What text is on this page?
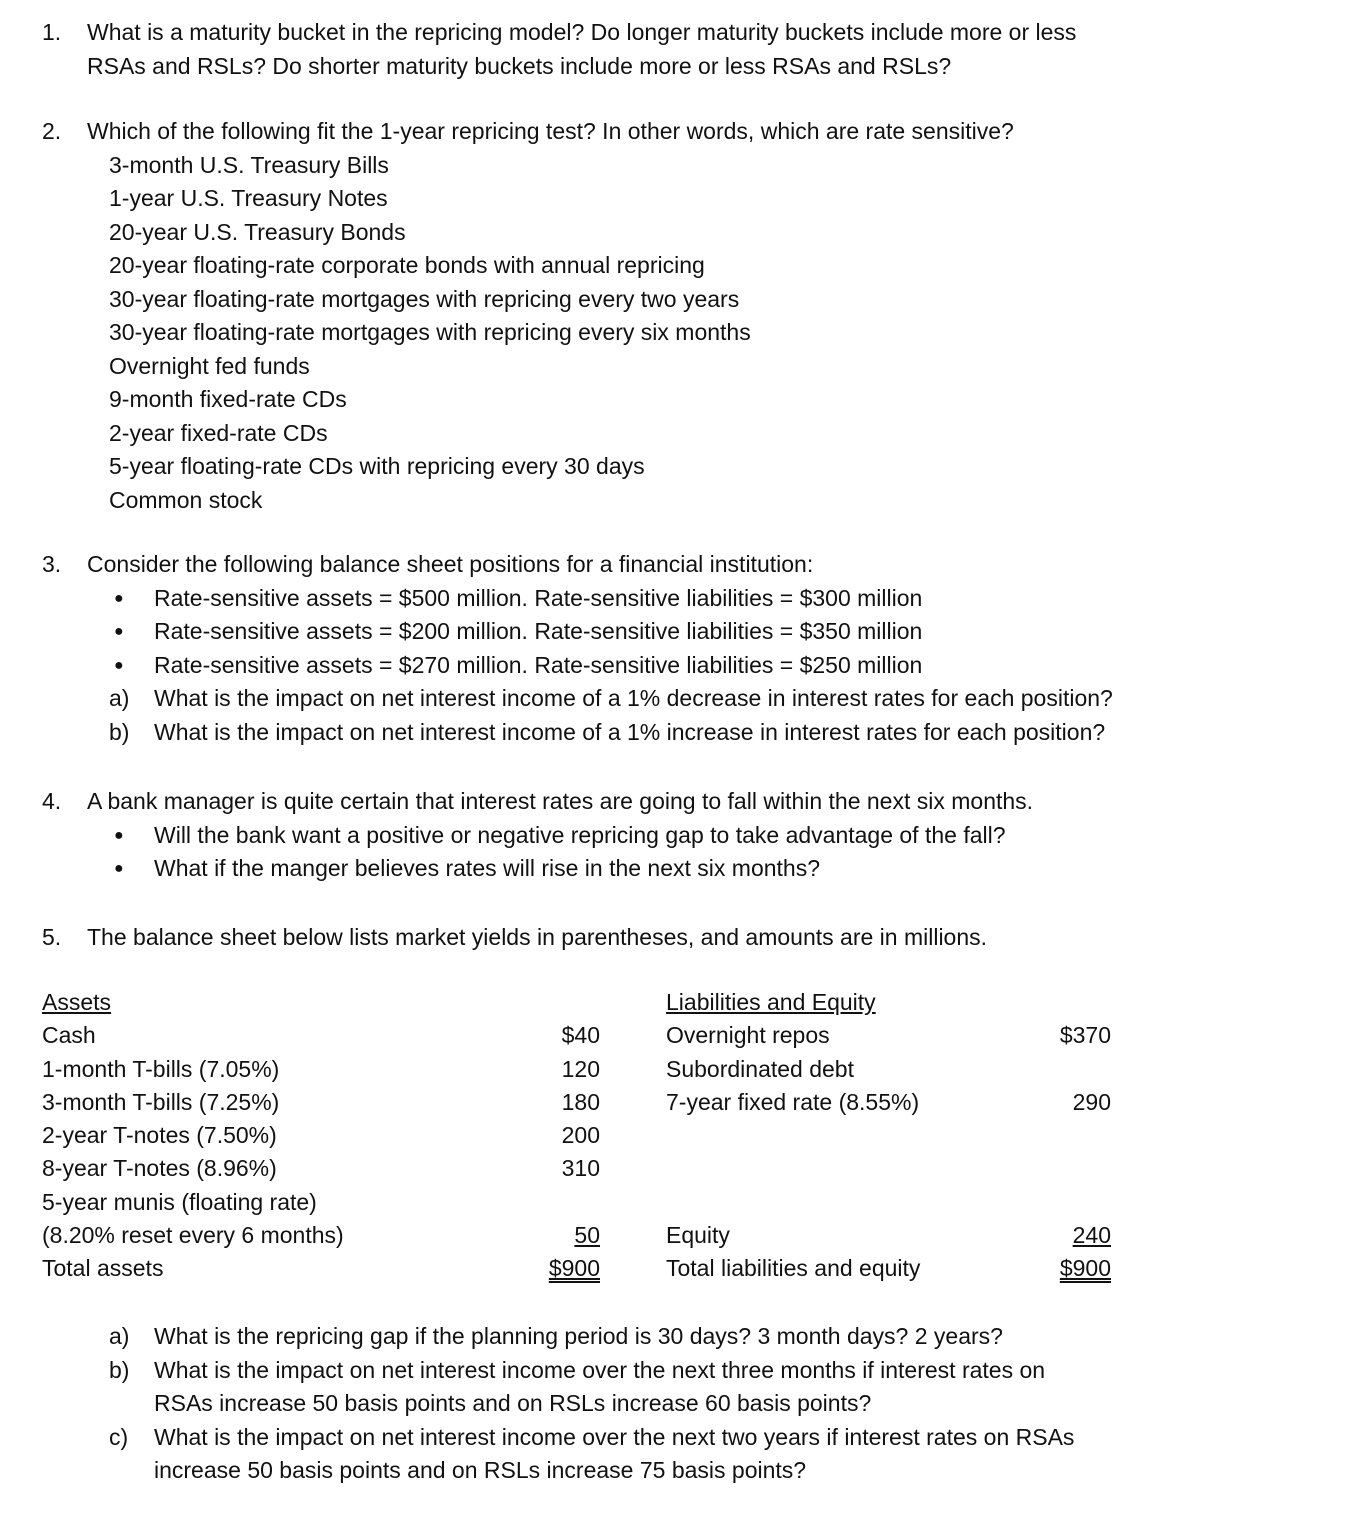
1. What is a maturity bucket in the repricing model? Do longer maturity buckets include more or less
RSAs and RSLs? Do shorter maturity buckets include more or less RSAs and RSLs?
2. Which of the following fit the 1-year repricing test? In other words, which are rate sensitive?
3-month U.S. Treasury Bills
1-year U.S. Treasury Notes
20-year U.S. Treasury Bonds
20-year floating-rate corporate bonds with annual repricing
30-year floating-rate mortgages with repricing every two years
30-year floating-rate mortgages with repricing every six months
Overnight fed funds
9-month fixed-rate CDs
2-year fixed-rate CDs
5-year floating-rate CDs with repricing every 30 days
Common stock
3. Consider the following balance sheet positions for a financial institution:
● Rate-sensitive assets = $500 million. Rate-sensitive liabilities = $300 million
● Rate-sensitive assets = $200 million. Rate-sensitive liabilities = $350 million
● Rate-sensitive assets = $270 million. Rate-sensitive liabilities = $250 million
a) What is the impact on net interest income of a 1% decrease in interest rates for each position?
b) What is the impact on net interest income of a 1% increase in interest rates for each position?
4. A bank manager is quite certain that interest rates are going to fall within the next six months.
● Will the bank want a positive or negative repricing gap to take advantage of the fall?
● What if the manger believes rates will rise in the next six months?
5. The balance sheet below lists market yields in parentheses, and amounts are in millions.
Assets
Cash
1-month T-bills (7.05%)
3-month T-bills (7.25%)
2-year T-notes (7.50%)
8-year T-notes (8.96%)
5-year munis (floating rate)
(8.20% reset every 6 months)
Total assets
$40
120
180
200
310
50
$900
Liabilities and Equity
Overnight repos
Subordinated debt
7-year fixed rate (8.55%)
Equity
Total liabilities and equity
$370
290
240
$900
a) What is the repricing gap if the planning period is 30 days? 3 month days? 2 years?
b) What is the impact on net interest income over the next three months if interest rates on
RSAs increase 50 basis points and on RSLs increase 60 basis points?
c) What is the impact on net interest income over the next two years if interest rates on RSAs
increase 50 basis points and on RSLs increase 75 basis points?
